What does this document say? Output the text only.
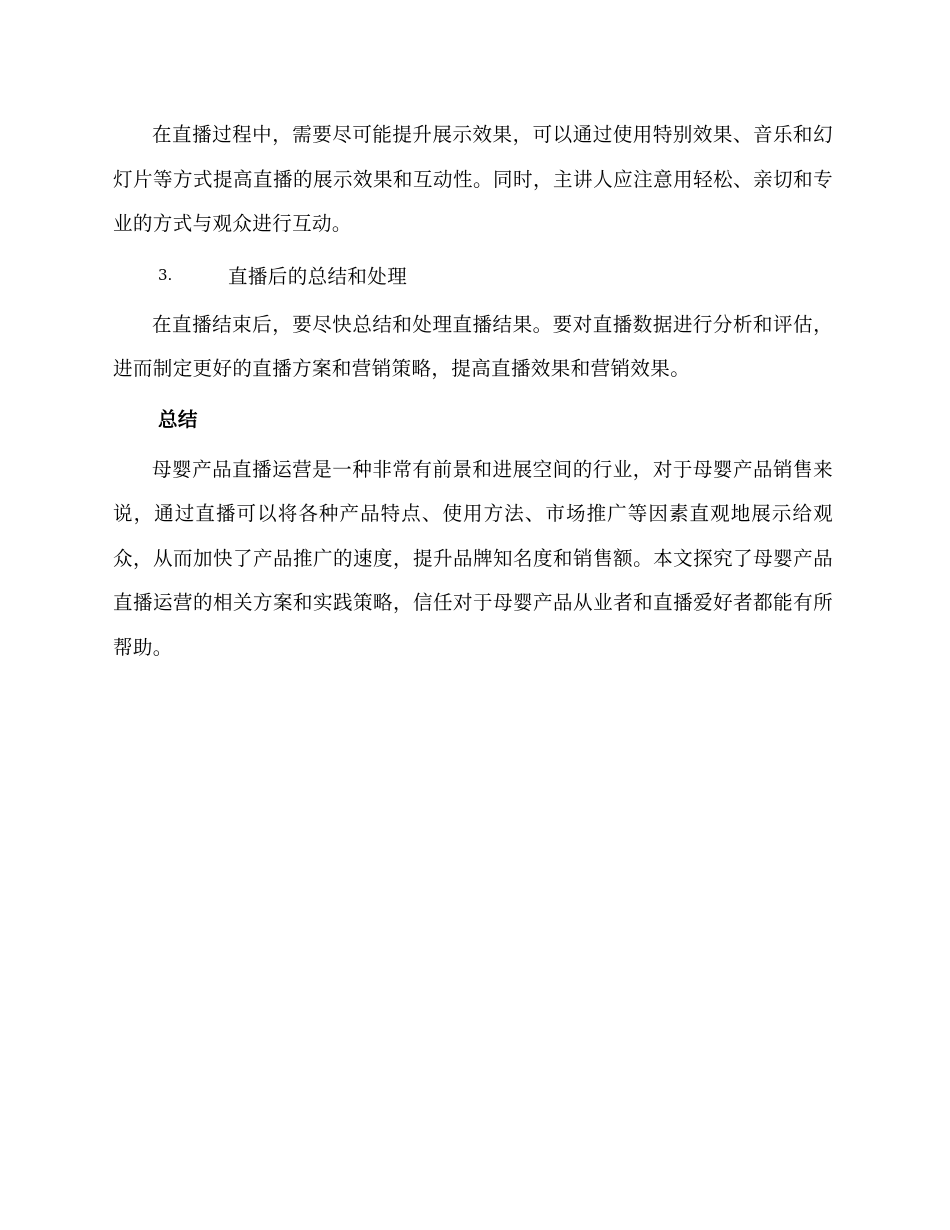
在直播过程中，需要尽可能提升展示效果，可以通过使用特别效果、音乐和幻灯片等方式提高直播的展示效果和互动性。同时，主讲人应注意用轻松、亲切和专业的方式与观众进行互动。

3.	直播后的总结和处理

在直播结束后，要尽快总结和处理直播结果。要对直播数据进行分析和评估，进而制定更好的直播方案和营销策略，提高直播效果和营销效果。

总结

母婴产品直播运营是一种非常有前景和进展空间的行业，对于母婴产品销售来说，通过直播可以将各种产品特点、使用方法、市场推广等因素直观地展示给观众，从而加快了产品推广的速度，提升品牌知名度和销售额。本文探究了母婴产品直播运营的相关方案和实践策略，信任对于母婴产品从业者和直播爱好者都能有所帮助。
